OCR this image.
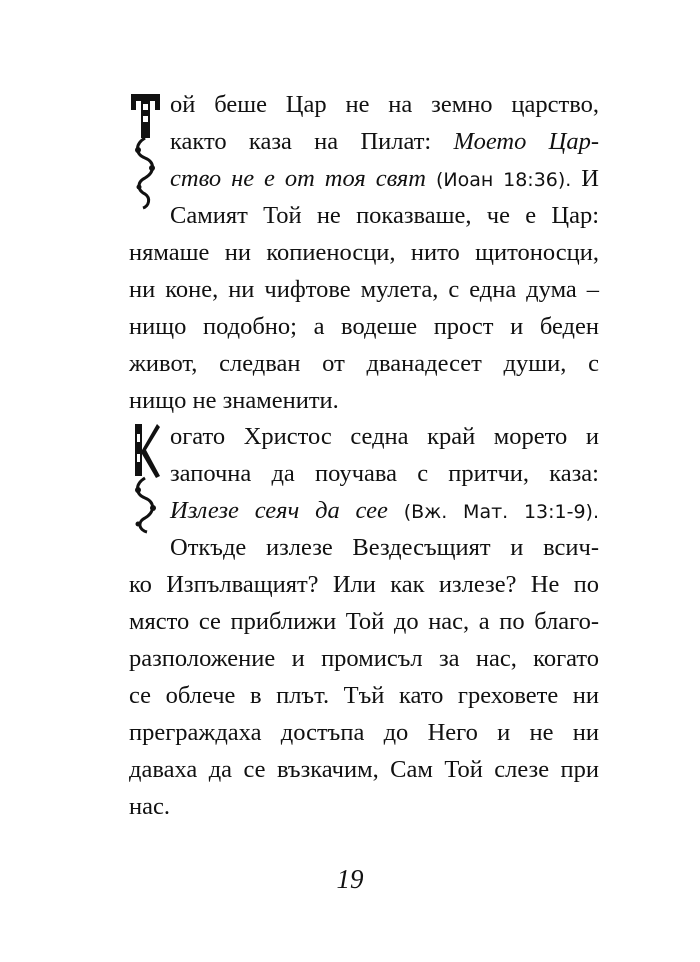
ой беше Цар не на земно царство,
както каза на Пилат: Моето Цар-
ство не е от тоя свят (Иоан 18:36). И
Самият Той не показваше, че е Цар:
нямаше ни копиеносци, нито щитоносци,
ни коне, ни чифтове мулета, с една дума –
нищо подобно; а водеше прост и беден
живот, следван от дванадесет души, с
нищо не знаменити.
огато Христос седна край морето и
започна да поучава с притчи, каза:
Излезе сеяч да сее (Вж. Мат. 13:1-9).
Откъде излезе Вездесъщият и всич-
ко Изпълващият? Или как излезе? Не по
място се приближи Той до нас, а по благо-
разположение и промисъл за нас, когато
се облече в плът. Тъй като греховете ни
преграждаха достъпа до Него и не ни
даваха да се възкачим, Сам Той слезе при
нас.
19
